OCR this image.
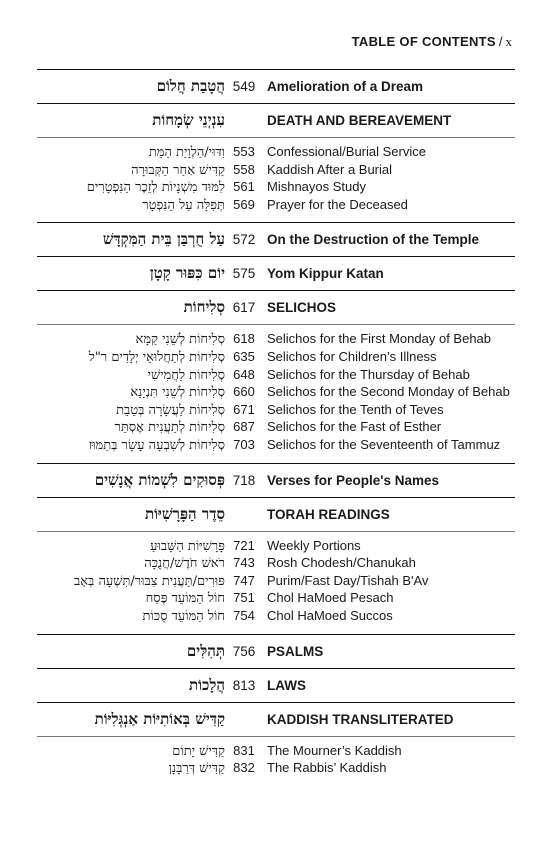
TABLE OF CONTENTS / x
הֲטָבַת חֲלוֹם 549 Amelioration of a Dream
עִנְיְנֵי שְׂמָחוֹת	DEATH AND BEREAVEMENT
וִדּוּי/הַלְוָיַת הַמֵּת 553 Confessional/Burial Service
קַדִּישׁ אַחַר הַקְּבוּרָה 558 Kaddish After a Burial
לִמּוּד מִשְׁנָיוֹת לְזֵכֶר הַנִּפְטָרִים 561 Mishnayos Study
תְּפִלָּה עַל הַנִּפְטָר 569 Prayer for the Deceased
עַל חֻרְבַּן בֵּית הַמִּקְדָּשׁ 572 On the Destruction of the Temple
יוֹם כִּפּוּר קָטָן 575 Yom Kippur Katan
סְלִיחוֹת 617 SELICHOS
סְלִיחוֹת לְשֵׁנִי קַמָּא 618 Selichos for the First Monday of Behab
סְלִיחוֹת לְתַחֲלוּאֵי יְלָדִים ר"ל 635 Selichos for Children’s Illness
סְלִיחוֹת לַחֲמִישִׁי 648 Selichos for the Thursday of Behab
סְלִיחוֹת לְשֵׁנִי תִּנְיָנָא 660 Selichos for the Second Monday of Behab
סְלִיחוֹת לַעֲשָׂרָה בְּטֵבֵת 671 Selichos for the Tenth of Teves
סְלִיחוֹת לְתַעֲנִית אֶסְתֵּר 687 Selichos for the Fast of Esther
סְלִיחוֹת לְשִׁבְעָה עָשָׂר בְּתַמּוּז 703 Selichos for the Seventeenth of Tammuz
פְּסוּקִים לִשְׁמוֹת אֲנָשִׁים 718 Verses for People's Names
סֵדֶר הַפָּרָשִׁיּוֹת	TORAH READINGS
פָּרָשִׁיּוֹת הַשָּׁבוּעַ 721 Weekly Portions
רֹאשׁ חֹדֶשׁ/חֲנֻכָּה 743 Rosh Chodesh/Chanukah
פּוּרִים/תַּעֲנִית צִבּוּר/תִּשְׁעָה בְּאָב 747 Purim/Fast Day/Tishah B'Av
חוֹל הַמּוֹעֵד פֶּסַח 751 Chol HaMoed Pesach
חוֹל הַמּוֹעֵד סֻכּוֹת 754 Chol HaMoed Succos
תְּהִלִּים 756 PSALMS
הֲלָכוֹת 813 LAWS
קַדִּישׁ בְּאוֹתִיּוֹת אַנְגְּלִיּוֹת	KADDISH TRANSLITERATED
קַדִּישׁ יָתוֹם 831 The Mourner’s Kaddish
קַדִּישׁ דְּרַבָּנָן 832 The Rabbis’ Kaddish
